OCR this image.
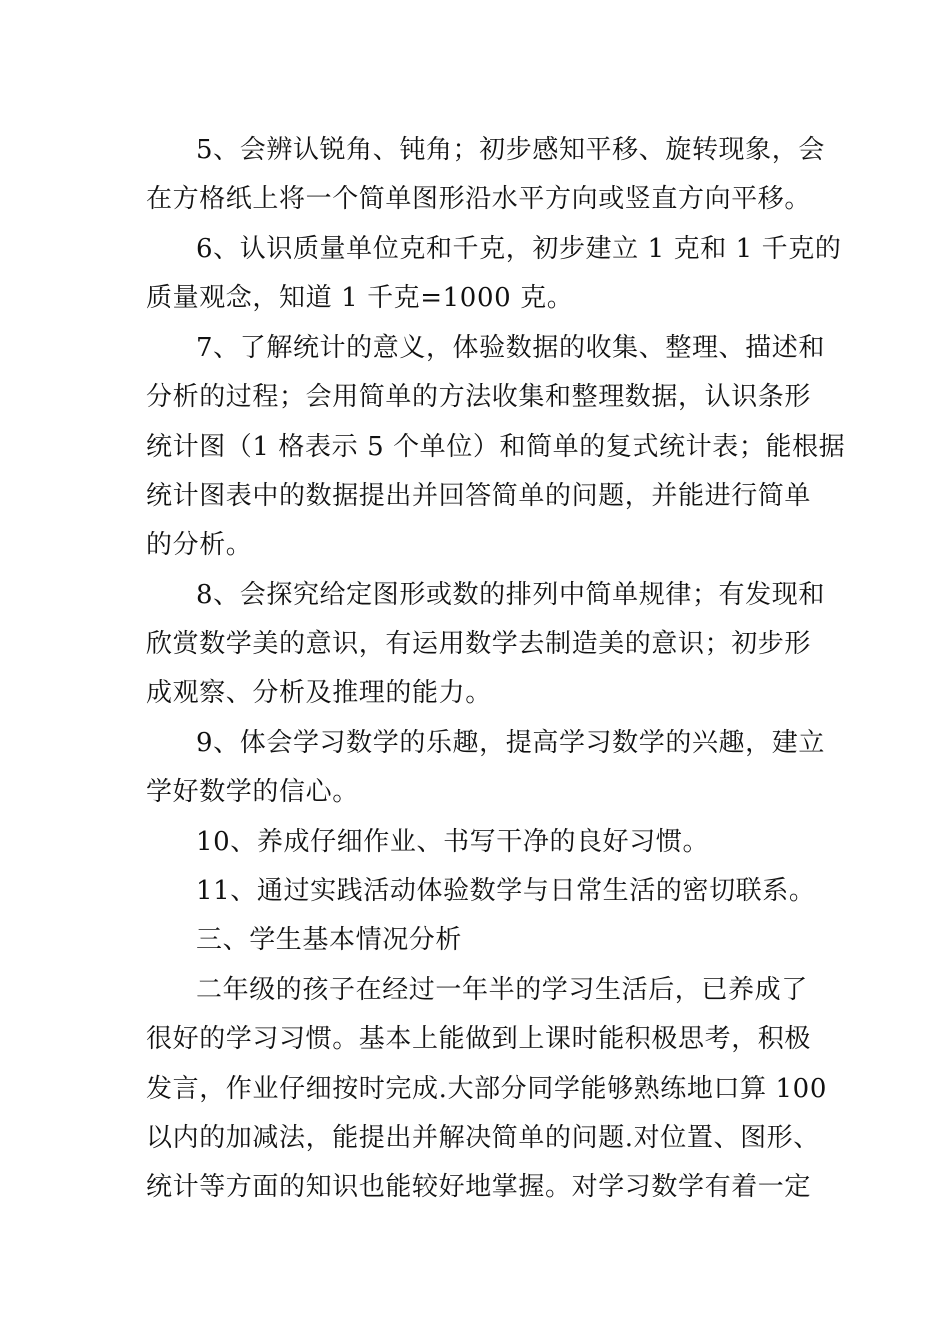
5、会辨认锐角、钝角；初步感知平移、旋转现象，会
在方格纸上将一个简单图形沿水平方向或竖直方向平移。
6、认识质量单位克和千克，初步建立 1 克和 1 千克的
质量观念，知道 1 千克=1000 克。
7、了解统计的意义，体验数据的收集、整理、描述和
分析的过程；会用简单的方法收集和整理数据，认识条形
统计图（1 格表示 5 个单位）和简单的复式统计表；能根据
统计图表中的数据提出并回答简单的问题，并能进行简单
的分析。
8、会探究给定图形或数的排列中简单规律；有发现和
欣赏数学美的意识，有运用数学去制造美的意识；初步形
成观察、分析及推理的能力。
9、体会学习数学的乐趣，提高学习数学的兴趣，建立
学好数学的信心。
10、养成仔细作业、书写干净的良好习惯。
11、通过实践活动体验数学与日常生活的密切联系。
三、学生基本情况分析
二年级的孩子在经过一年半的学习生活后，已养成了
很好的学习习惯。基本上能做到上课时能积极思考，积极
发言，作业仔细按时完成.大部分同学能够熟练地口算 100
以内的加减法，能提出并解决简单的问题.对位置、图形、
统计等方面的知识也能较好地掌握。对学习数学有着一定
